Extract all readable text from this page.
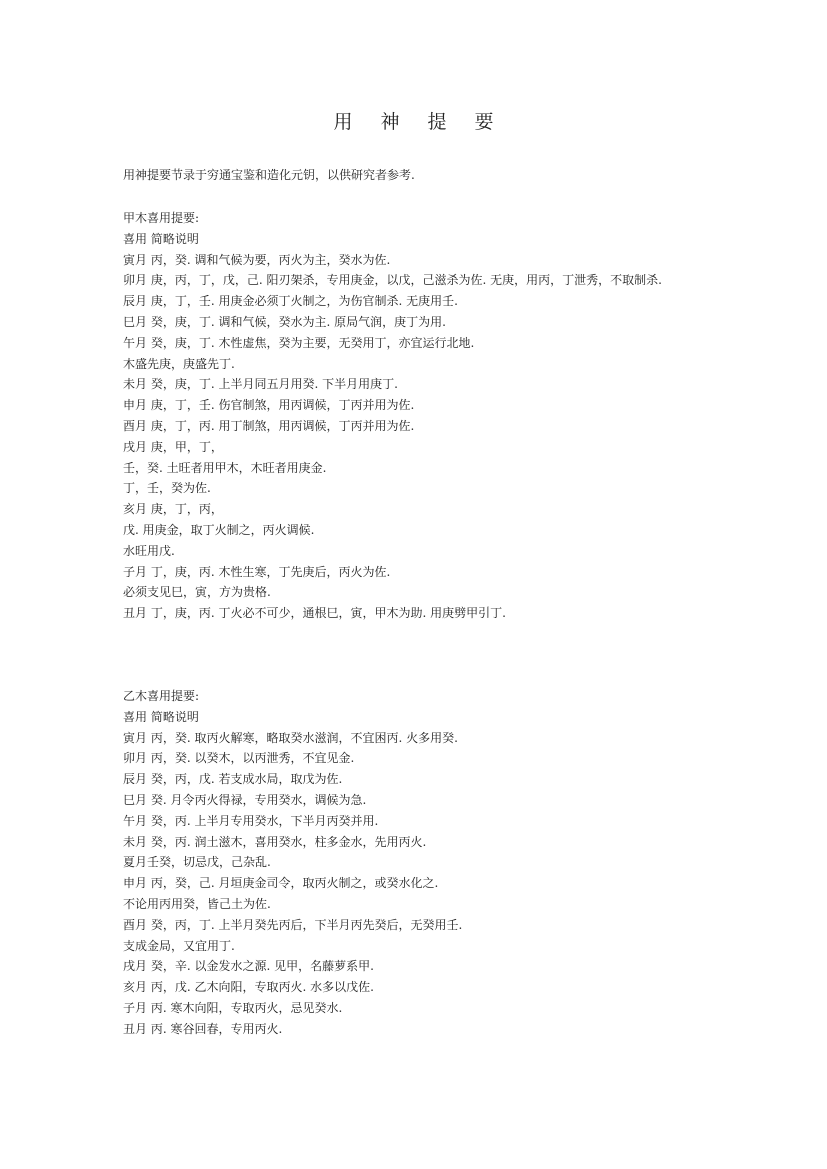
用 神 提 要
用神提要节录于穷通宝鉴和造化元钥，以供研究者参考.
甲木喜用提要:
喜用 简略说明
寅月 丙，癸. 调和气候为要，丙火为主，癸水为佐.
卯月 庚，丙，丁，戊，己. 阳刃架杀，专用庚金，以戊，己滋杀为佐. 无庚，用丙，丁泄秀，不取制杀.
辰月 庚，丁，壬. 用庚金必须丁火制之，为伤官制杀. 无庚用壬.
巳月 癸，庚，丁. 调和气候，癸水为主. 原局气润，庚丁为用.
午月 癸，庚，丁. 木性虚焦，癸为主要，无癸用丁，亦宜运行北地.
木盛先庚，庚盛先丁.
未月 癸，庚，丁. 上半月同五月用癸. 下半月用庚丁.
申月 庚，丁，壬. 伤官制煞，用丙调候，丁丙并用为佐.
酉月 庚，丁，丙. 用丁制煞，用丙调候，丁丙并用为佐.
戌月 庚，甲，丁，
壬，癸. 土旺者用甲木，木旺者用庚金.
丁，壬，癸为佐.
亥月 庚，丁，丙，
戊. 用庚金，取丁火制之，丙火调候.
水旺用戊.
子月 丁，庚，丙. 木性生寒，丁先庚后，丙火为佐.
必须支见巳，寅，方为贵格.
丑月 丁，庚，丙. 丁火必不可少，通根巳，寅，甲木为助. 用庚劈甲引丁.
乙木喜用提要:
喜用 简略说明
寅月 丙，癸. 取丙火解寒，略取癸水滋润，不宜困丙. 火多用癸.
卯月 丙，癸. 以癸木，以丙泄秀，不宜见金.
辰月 癸，丙，戊. 若支成水局，取戊为佐.
巳月 癸. 月令丙火得禄，专用癸水，调候为急.
午月 癸，丙. 上半月专用癸水，下半月丙癸并用.
未月 癸，丙. 润土滋木，喜用癸水，柱多金水，先用丙火.
夏月壬癸，切忌戊，己杂乱.
申月 丙，癸，己. 月垣庚金司令，取丙火制之，或癸水化之.
不论用丙用癸，皆己土为佐.
酉月 癸，丙，丁. 上半月癸先丙后，下半月丙先癸后，无癸用壬.
支成金局，又宜用丁.
戌月 癸，辛. 以金发水之源. 见甲，名藤萝系甲.
亥月 丙，戊. 乙木向阳，专取丙火. 水多以戊佐.
子月 丙. 寒木向阳，专取丙火，忌见癸水.
丑月 丙. 寒谷回春，专用丙火.
